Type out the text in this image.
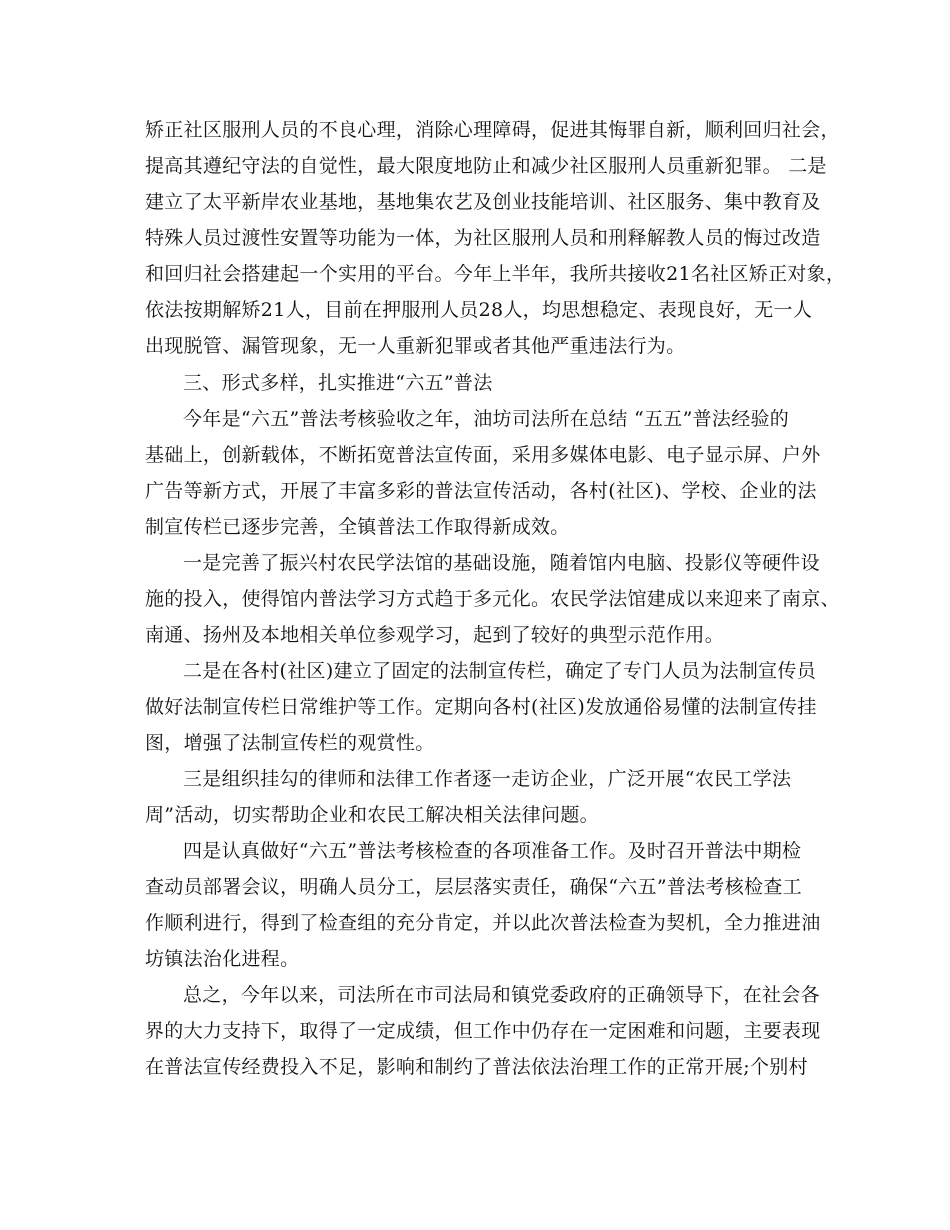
矫正社区服刑人员的不良心理，消除心理障碍，促进其悔罪自新，顺利回归社会，
提高其遵纪守法的自觉性，最大限度地防止和减少社区服刑人员重新犯罪。 二是
建立了太平新岸农业基地，基地集农艺及创业技能培训、社区服务、集中教育及
特殊人员过渡性安置等功能为一体，为社区服刑人员和刑释解教人员的悔过改造
和回归社会搭建起一个实用的平台。今年上半年，我所共接收21名社区矫正对象，
依法按期解矫21人，目前在押服刑人员28人，均思想稳定、表现良好，无一人
出现脱管、漏管现象，无一人重新犯罪或者其他严重违法行为。
三、形式多样，扎实推进“六五”普法
今年是“六五”普法考核验收之年，油坊司法所在总结 “五五”普法经验的
基础上，创新载体，不断拓宽普法宣传面，采用多媒体电影、电子显示屏、户外
广告等新方式，开展了丰富多彩的普法宣传活动，各村(社区)、学校、企业的法
制宣传栏已逐步完善，全镇普法工作取得新成效。
一是完善了振兴村农民学法馆的基础设施，随着馆内电脑、投影仪等硬件设
施的投入，使得馆内普法学习方式趋于多元化。农民学法馆建成以来迎来了南京、
南通、扬州及本地相关单位参观学习，起到了较好的典型示范作用。
二是在各村(社区)建立了固定的法制宣传栏，确定了专门人员为法制宣传员
做好法制宣传栏日常维护等工作。定期向各村(社区)发放通俗易懂的法制宣传挂
图，增强了法制宣传栏的观赏性。
三是组织挂勾的律师和法律工作者逐一走访企业，广泛开展“农民工学法
周”活动，切实帮助企业和农民工解决相关法律问题。
四是认真做好“六五”普法考核检查的各项准备工作。及时召开普法中期检
查动员部署会议，明确人员分工，层层落实责任，确保“六五”普法考核检查工
作顺利进行，得到了检查组的充分肯定，并以此次普法检查为契机，全力推进油
坊镇法治化进程。
总之，今年以来，司法所在市司法局和镇党委政府的正确领导下，在社会各
界的大力支持下，取得了一定成绩，但工作中仍存在一定困难和问题，主要表现
在普法宣传经费投入不足，影响和制约了普法依法治理工作的正常开展;个别村
